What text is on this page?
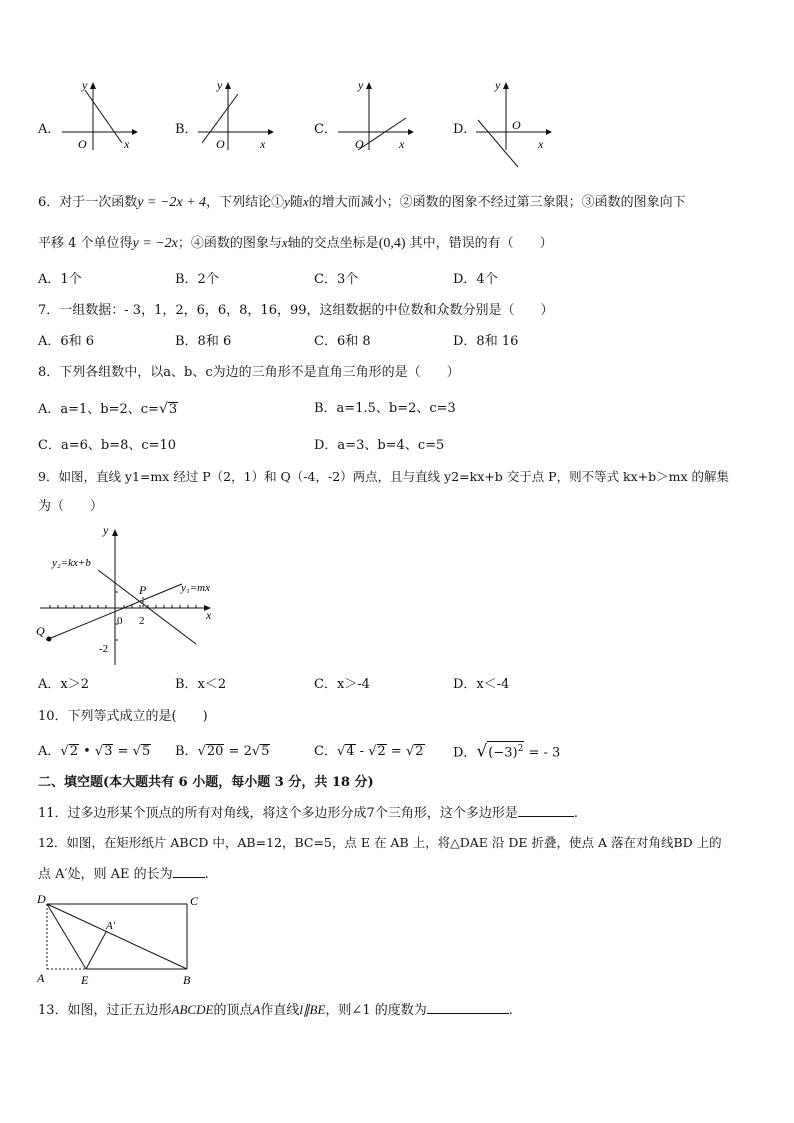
A．
y
O	x
B．
y
O	x
C．
y
O	x
D．
y
O
x
6．对于一次函数y = −2x + 4，下列结论①y随x的增大而减小；②函数的图象不经过第三象限；③函数的图象向下
平移 4 个单位得y = −2x；④函数的图象与x轴的交点坐标是(0,4) 其中，错误的有（　　）
A．1个	B．2个	C．3个	D．4个
7．一组数据：- 3，1，2，6，6，8，16，99，这组数据的中位数和众数分别是（　　）
A．6和 6	B．8和 6	C．6和 8	D．8和 16
8．下列各组数中，以a、b、c为边的三角形不是直角三角形的是（　　）
A．a=1、b=2、c=√3	B．a=1.5、b=2、c=3
C．a=6、b=8、c=10	D．a=3、b=4、c=5
9．如图，直线 y1=mx 经过 P（2，1）和 Q（-4，-2）两点，且与直线 y2=kx+b 交于点 P，则不等式 kx+b＞mx 的解集
为（　　）
y
x
y₂=kx+b
y₁=mx
P
Q
0 2
-2
A．x＞2	B．x＜2	C．x＞-4	D．x＜-4
10．下列等式成立的是(　　)
A．√2 • √3 = √5 B．√20 = 2√5	C．√4 - √2 = √2 D．$√(-3)^2$ = - 3
二、填空题(本大题共有 6 小题，每小题 3 分，共 18 分)
11．过多边形某个顶点的所有对角线，将这个多边形分成7个三角形，这个多边形是	.
12．如图，在矩形纸片 ABCD 中，AB=12，BC=5，点 E 在 AB 上，将△DAE 沿 DE 折叠，使点 A 落在对角线BD 上的
点 A′处，则 AE 的长为 .
D	C
A	E	B
A′
13．如图，过正五边形ABCDE的顶点A作直线l∥BE，则∠1 的度数为	.
